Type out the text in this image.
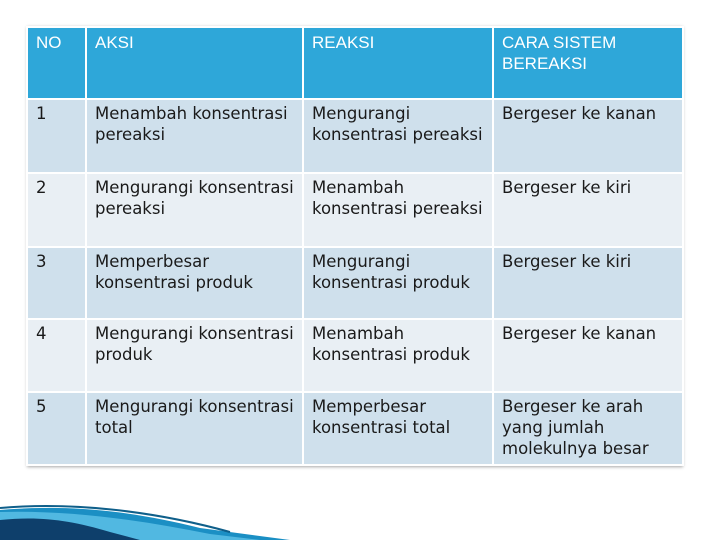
NO	AKSI	REAKSI	CARA SISTEM BEREAKSI
1	Menambah konsentrasi pereaksi	Mengurangi konsentrasi pereaksi	Bergeser ke kanan
2	Mengurangi konsentrasi pereaksi	Menambah konsentrasi pereaksi	Bergeser ke kiri
3	Memperbesar konsentrasi produk	Mengurangi konsentrasi produk	Bergeser ke kiri
4	Mengurangi konsentrasi produk	Menambah konsentrasi produk	Bergeser ke kanan
5	Mengurangi konsentrasi total	Memperbesar konsentrasi total	Bergeser ke arah yang jumlah molekulnya besar
